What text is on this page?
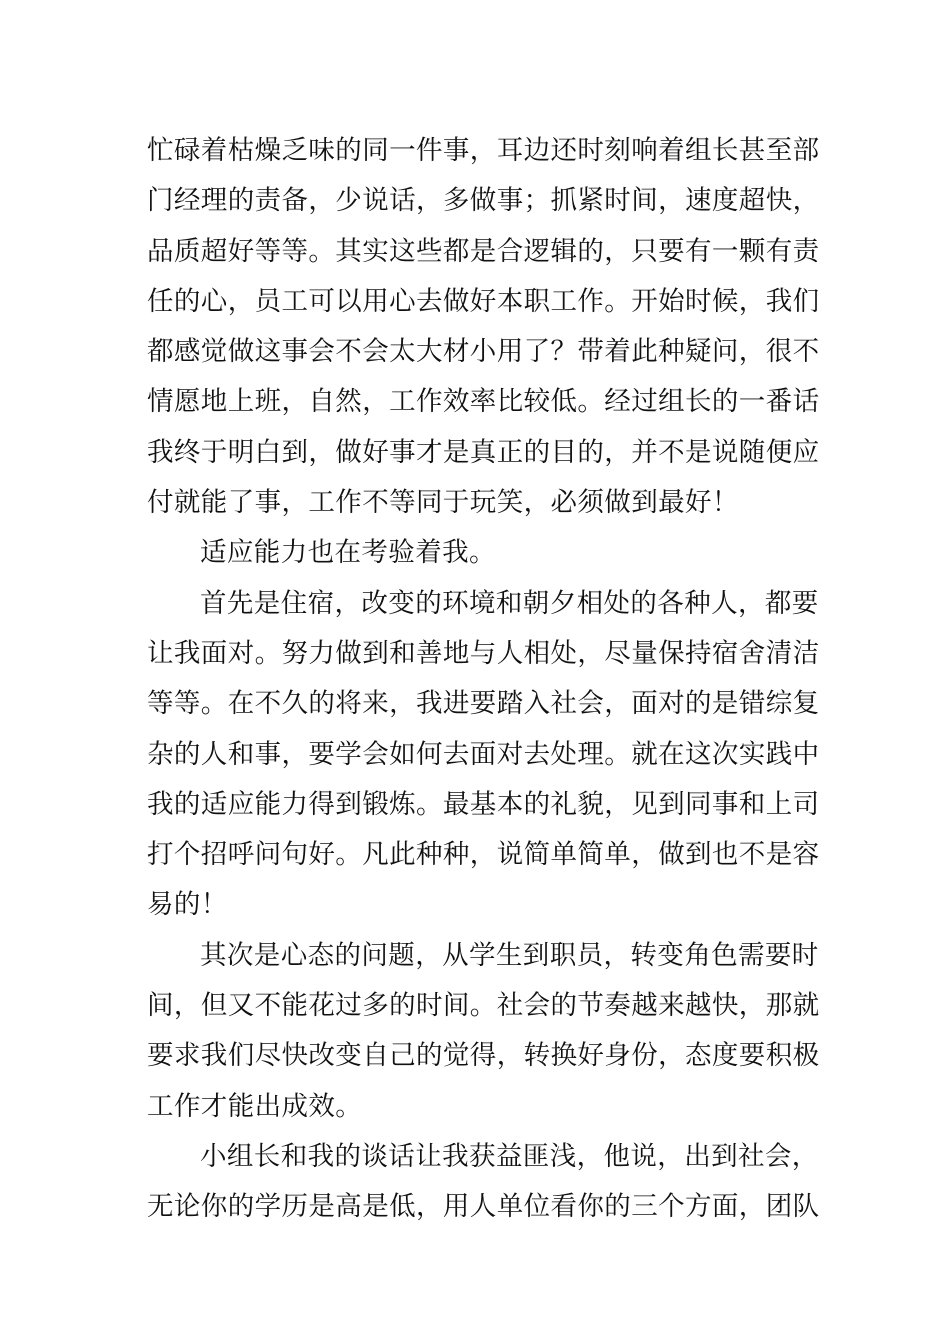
忙碌着枯燥乏味的同一件事，耳边还时刻响着组长甚至部
门经理的责备，少说话，多做事；抓紧时间，速度超快，
品质超好等等。其实这些都是合逻辑的，只要有一颗有责
任的心，员工可以用心去做好本职工作。开始时候，我们
都感觉做这事会不会太大材小用了？带着此种疑问，很不
情愿地上班，自然，工作效率比较低。经过组长的一番话
我终于明白到，做好事才是真正的目的，并不是说随便应
付就能了事，工作不等同于玩笑，必须做到最好！
适应能力也在考验着我。
首先是住宿，改变的环境和朝夕相处的各种人，都要
让我面对。努力做到和善地与人相处，尽量保持宿舍清洁
等等。在不久的将来，我进要踏入社会，面对的是错综复
杂的人和事，要学会如何去面对去处理。就在这次实践中
我的适应能力得到锻炼。最基本的礼貌，见到同事和上司
打个招呼问句好。凡此种种，说简单简单，做到也不是容
易的！
其次是心态的问题，从学生到职员，转变角色需要时
间，但又不能花过多的时间。社会的节奏越来越快，那就
要求我们尽快改变自己的觉得，转换好身份，态度要积极
工作才能出成效。
小组长和我的谈话让我获益匪浅，他说，出到社会，
无论你的学历是高是低，用人单位看你的三个方面，团队
